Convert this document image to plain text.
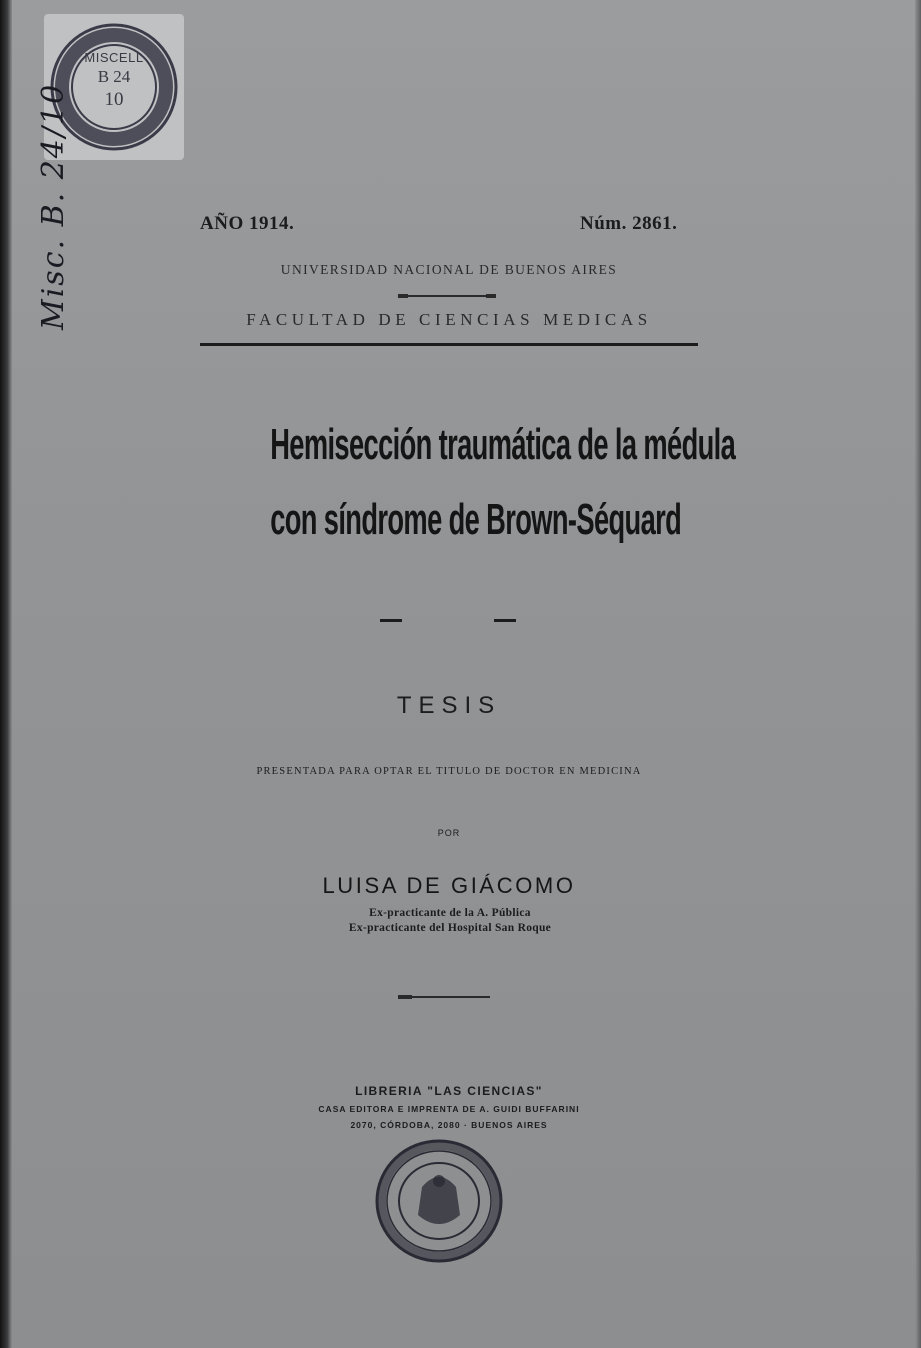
MISCELL
B 24
10
Misc. B. 24/10	AÑO 1914.	Núm. 2861.
UNIVERSIDAD NACIONAL DE BUENOS AIRES
FACULTAD DE CIENCIAS MEDICAS
Hemisección traumática de la médula
con síndrome de Brown-Séquard
TESIS
PRESENTADA PARA OPTAR EL TITULO DE DOCTOR EN MEDICINA
POR
LUISA DE GIÁCOMO
Ex-practicante de la A. Pública
Ex-practicante del Hospital San Roque
LIBRERIA "LAS CIENCIAS"
CASA EDITORA E IMPRENTA DE A. GUIDI BUFFARINI
2070, CÓRDOBA, 2080 · BUENOS AIRES
